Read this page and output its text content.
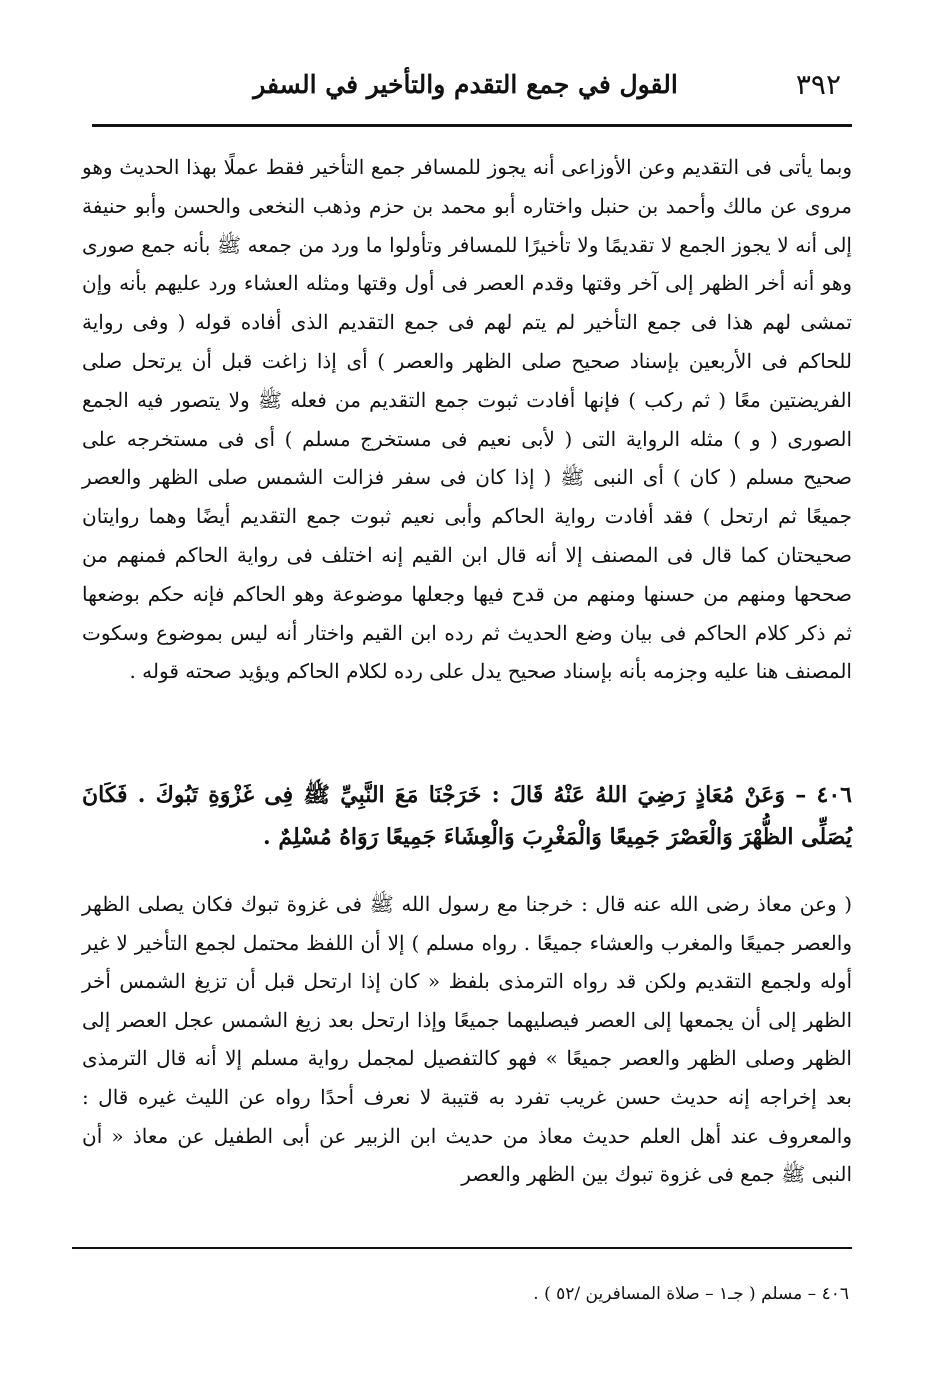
٣٩٢
القول في جمع التقدم والتأخير في السفر

وبما يأتى فى التقديم وعن الأوزاعى أنه يجوز للمسافر جمع التأخير فقط عملًا بهذا الحديث وهو مروى عن مالك وأحمد بن حنبل واختاره أبو محمد بن حزم وذهب النخعى والحسن وأبو حنيفة إلى أنه لا يجوز الجمع لا تقديمًا ولا تأخيرًا للمسافر وتأولوا ما ورد من جمعه ﷺ بأنه جمع صورى وهو أنه أخر الظهر إلى آخر وقتها وقدم العصر فى أول وقتها ومثله العشاء ورد عليهم بأنه وإن تمشى لهم هذا فى جمع التأخير لم يتم لهم فى جمع التقديم الذى أفاده قوله ( وفى رواية للحاكم فى الأربعين بإسناد صحيح صلى الظهر والعصر ) أى إذا زاغت قبل أن يرتحل صلى الفريضتين معًا ( ثم ركب ) فإنها أفادت ثبوت جمع التقديم من فعله ﷺ ولا يتصور فيه الجمع الصورى ( و ) مثله الرواية التى ( لأبى نعيم فى مستخرج مسلم ) أى فى مستخرجه على صحيح مسلم ( كان ) أى النبى ﷺ ( إذا كان فى سفر فزالت الشمس صلى الظهر والعصر جميعًا ثم ارتحل ) فقد أفادت رواية الحاكم وأبى نعيم ثبوت جمع التقديم أيضًا وهما روايتان صحيحتان كما قال فى المصنف إلا أنه قال ابن القيم إنه اختلف فى رواية الحاكم فمنهم من صححها ومنهم من حسنها ومنهم من قدح فيها وجعلها موضوعة وهو الحاكم فإنه حكم بوضعها ثم ذكر كلام الحاكم فى بيان وضع الحديث ثم رده ابن القيم واختار أنه ليس بموضوع وسكوت المصنف هنا عليه وجزمه بأنه بإسناد صحيح يدل على رده لكلام الحاكم ويؤيد صحته قوله .

٤٠٦ – وَعَنْ مُعَاذٍ رَضِيَ اللهُ عَنْهُ قَالَ : خَرَجْنَا مَعَ النَّبِيِّ ﷺ فِى غَزْوَةِ تَبُوكَ . فَكَانَ يُصَلِّى الظُّهْرَ وَالْعَصْرَ جَمِيعًا وَالْمَغْرِبَ وَالْعِشَاءَ جَمِيعًا رَوَاهُ مُسْلِمٌ .

( وعن معاذ رضى الله عنه قال : خرجنا مع رسول الله ﷺ فى غزوة تبوك فكان يصلى الظهر والعصر جميعًا والمغرب والعشاء جميعًا . رواه مسلم ) إلا أن اللفظ محتمل لجمع التأخير لا غير أوله ولجمع التقديم ولكن قد رواه الترمذى بلفظ « كان إذا ارتحل قبل أن تزيغ الشمس أخر الظهر إلى أن يجمعها إلى العصر فيصليهما جميعًا وإذا ارتحل بعد زيغ الشمس عجل العصر إلى الظهر وصلى الظهر والعصر جميعًا » فهو كالتفصيل لمجمل رواية مسلم إلا أنه قال الترمذى بعد إخراجه إنه حديث حسن غريب تفرد به قتيبة لا نعرف أحدًا رواه عن الليث غيره قال : والمعروف عند أهل العلم حديث معاذ من حديث ابن الزبير عن أبى الطفيل عن معاذ « أن النبى ﷺ جمع فى غزوة تبوك بين الظهر والعصر

٤٠٦ – مسلم ( جـ١ – صلاة المسافرين /٥٢ ) .
